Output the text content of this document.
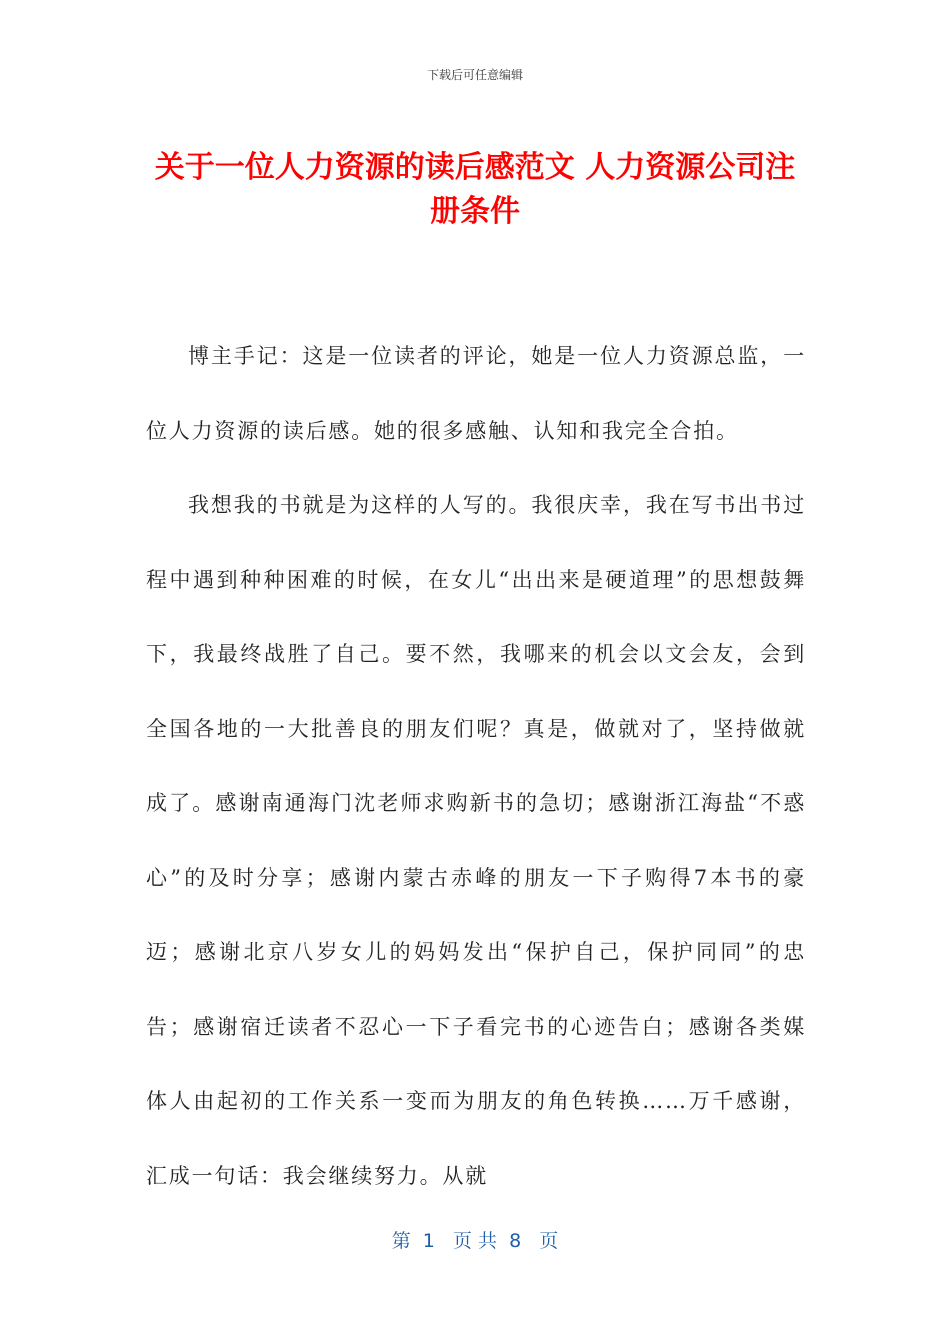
下载后可任意编辑
关于一位人力资源的读后感范文 人力资源公司注册条件

博主手记：这是一位读者的评论，她是一位人力资源总监，一位人力资源的读后感。她的很多感触、认知和我完全合拍。

我想我的书就是为这样的人写的。我很庆幸，我在写书出书过程中遇到种种困难的时候，在女儿“出出来是硬道理”的思想鼓舞下，我最终战胜了自己。要不然，我哪来的机会以文会友，会到全国各地的一大批善良的朋友们呢？真是，做就对了，坚持做就成了。感谢南通海门沈老师求购新书的急切；感谢浙江海盐“不惑心”的及时分享；感谢内蒙古赤峰的朋友一下子购得7本书的豪迈；感谢北京八岁女儿的妈妈发出“保护自己，保护同同”的忠告；感谢宿迁读者不忍心一下子看完书的心迹告白；感谢各类媒体人由起初的工作关系一变而为朋友的角色转换……万千感谢，汇成一句话：我会继续努力。从就

第  1   页 共  8   页
